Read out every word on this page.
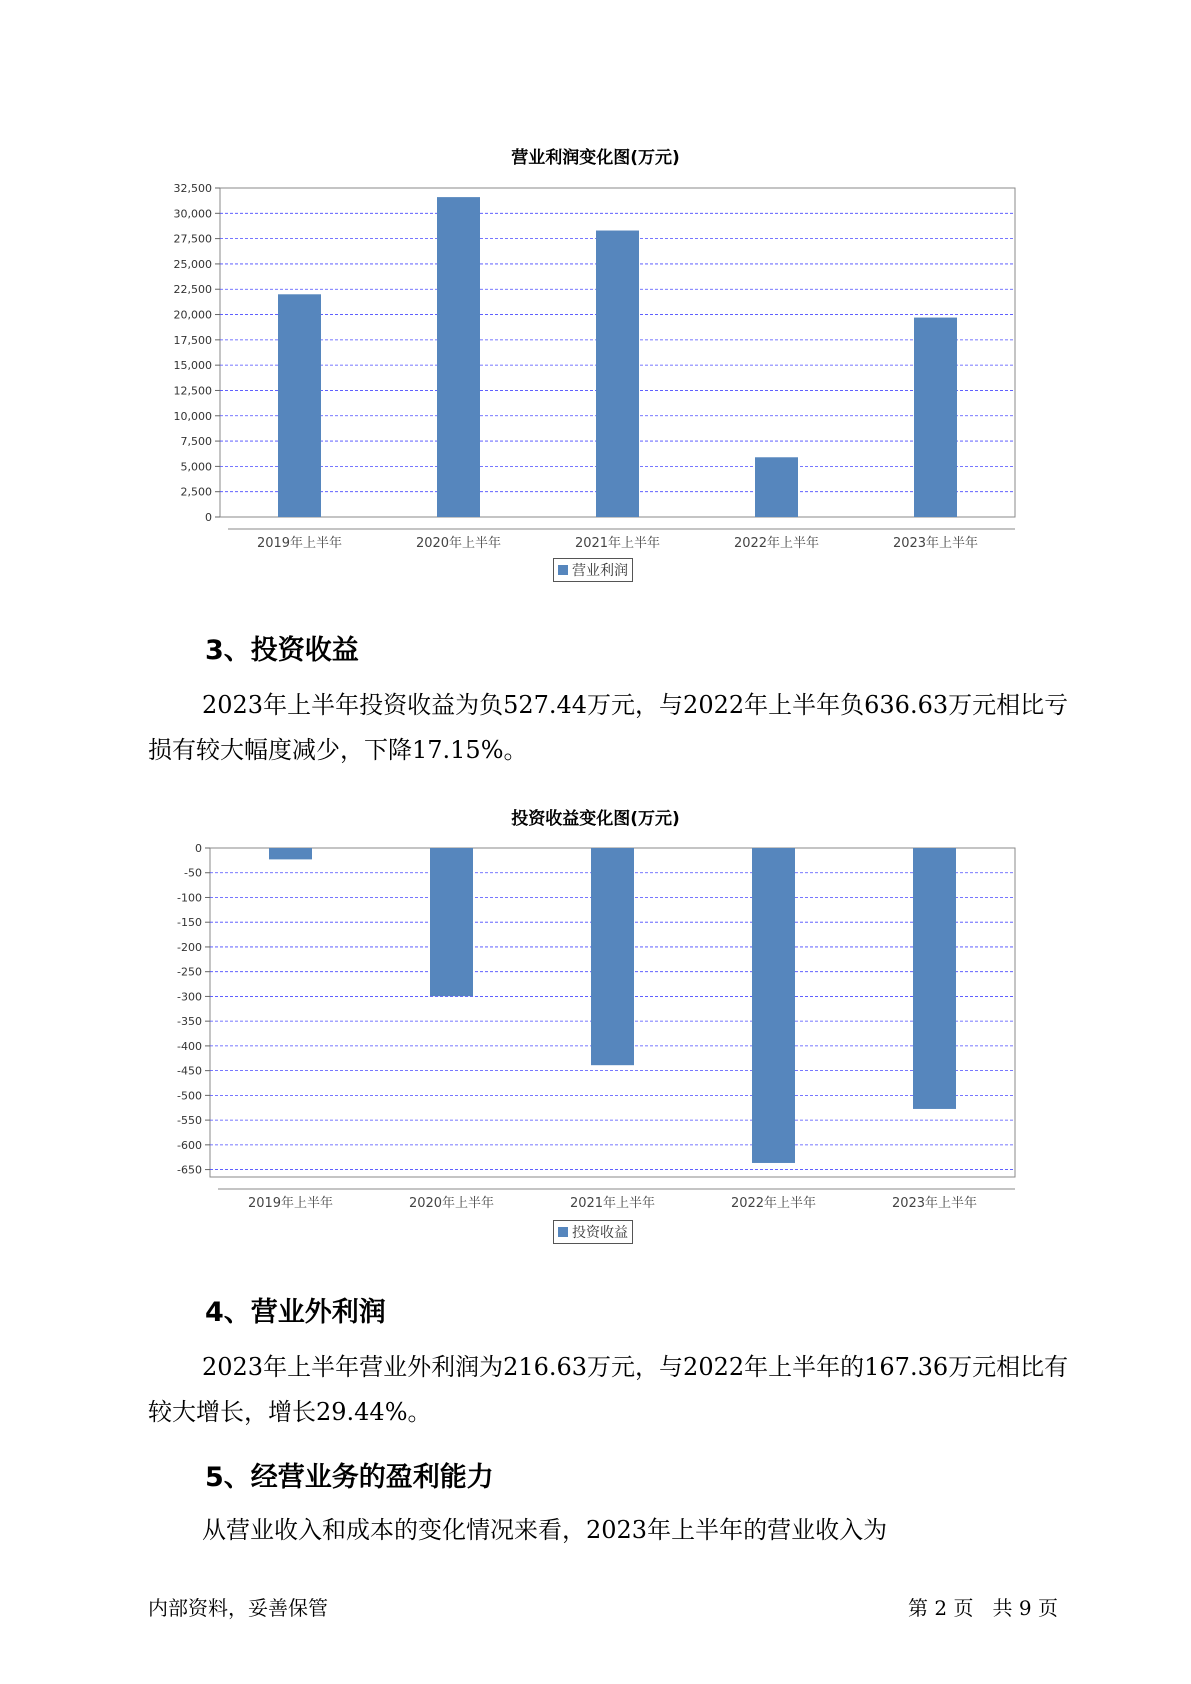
营业利润变化图(万元)
0
2,500
5,000
7,500
10,000
12,500
15,000
17,500
20,000
22,500
25,000
27,500
30,000
32,500
2019年上半年	2020年上半年	2021年上半年	2022年上半年	2023年上半年
营业利润
3、投资收益
2023年上半年投资收益为负527.44万元，与2022年上半年负636.63万元相比亏损有较大幅度减少，下降17.15%。
投资收益变化图(万元)
0
-50
-100
-150
-200
-250
-300
-350
-400
-450
-500
-550
-600
-650
2019年上半年	2020年上半年	2021年上半年	2022年上半年	2023年上半年
投资收益
4、营业外利润
2023年上半年营业外利润为216.63万元，与2022年上半年的167.36万元相比有较大增长，增长29.44%。
5、经营业务的盈利能力
从营业收入和成本的变化情况来看，2023年上半年的营业收入为
内部资料，妥善保管	第 2 页   共 9 页
